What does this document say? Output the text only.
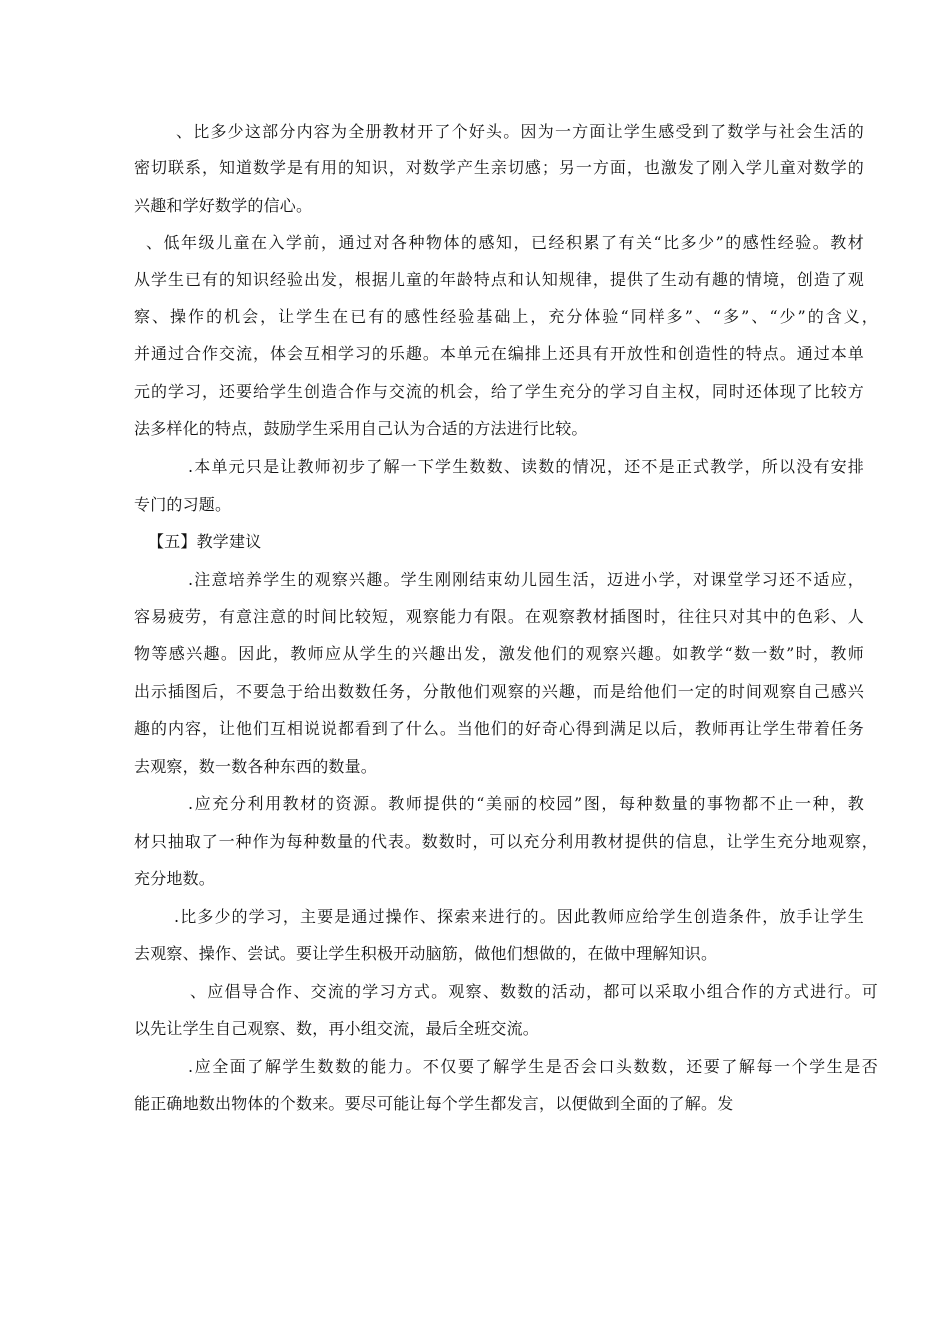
、比多少这部分内容为全册教材开了个好头。因为一方面让学生感受到了数学与社会生活的
密切联系，知道数学是有用的知识，对数学产生亲切感；另一方面，也激发了刚入学儿童对数学的
兴趣和学好数学的信心。
、低年级儿童在入学前，通过对各种物体的感知，已经积累了有关“比多少”的感性经验。教材
从学生已有的知识经验出发，根据儿童的年龄特点和认知规律，提供了生动有趣的情境，创造了观
察、操作的机会，让学生在已有的感性经验基础上，充分体验“同样多”、“多”、“少”的含义，
并通过合作交流，体会互相学习的乐趣。本单元在编排上还具有开放性和创造性的特点。通过本单
元的学习，还要给学生创造合作与交流的机会，给了学生充分的学习自主权，同时还体现了比较方
法多样化的特点，鼓励学生采用自己认为合适的方法进行比较。
.本单元只是让教师初步了解一下学生数数、读数的情况，还不是正式教学，所以没有安排
专门的习题。
【五】教学建议
.注意培养学生的观察兴趣。学生刚刚结束幼儿园生活，迈进小学，对课堂学习还不适应，
容易疲劳，有意注意的时间比较短，观察能力有限。在观察教材插图时，往往只对其中的色彩、人
物等感兴趣。因此，教师应从学生的兴趣出发，激发他们的观察兴趣。如教学“数一数”时，教师
出示插图后，不要急于给出数数任务，分散他们观察的兴趣，而是给他们一定的时间观察自己感兴
趣的内容，让他们互相说说都看到了什么。当他们的好奇心得到满足以后，教师再让学生带着任务
去观察，数一数各种东西的数量。
.应充分利用教材的资源。教师提供的“美丽的校园”图，每种数量的事物都不止一种，教
材只抽取了一种作为每种数量的代表。数数时，可以充分利用教材提供的信息，让学生充分地观察，
充分地数。
.比多少的学习，主要是通过操作、探索来进行的。因此教师应给学生创造条件，放手让学生
去观察、操作、尝试。要让学生积极开动脑筋，做他们想做的，在做中理解知识。
、应倡导合作、交流的学习方式。观察、数数的活动，都可以采取小组合作的方式进行。可
以先让学生自己观察、数，再小组交流，最后全班交流。
.应全面了解学生数数的能力。不仅要了解学生是否会口头数数，还要了解每一个学生是否
能正确地数出物体的个数来。要尽可能让每个学生都发言，以便做到全面的了解。发
